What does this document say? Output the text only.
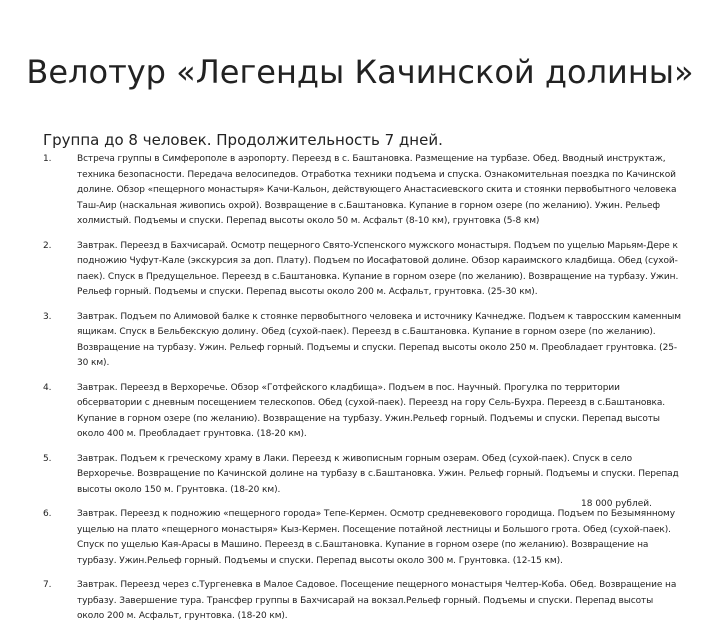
Велотур «Легенды Качинской долины»
Группа до 8 человек. Продолжительность 7 дней.
1.	Встреча группы в Симферополе в аэропорту. Переезд в с. Баштановка. Размещение на турбазе. Обед. Вводный инструктаж, техника безопасности. Передача велосипедов. Отработка техники подъема и спуска. Ознакомительная поездка по Качинской долине. Обзор «пещерного монастыря» Качи-Кальон, действующего Анастасиевского скита и стоянки первобытного человека Таш-Аир (наскальная живопись охрой). Возвращение в с.Баштановка. Купание в горном озере (по желанию). Ужин. Рельеф холмистый. Подъемы и спуски. Перепад высоты около 50 м. Асфальт (8-10 км), грунтовка (5-8 км)
2.	Завтрак. Переезд в Бахчисарай. Осмотр пещерного Свято-Успенского мужского монастыря. Подъем по ущелью Марьям-Дере к подножию Чуфут-Кале (экскурсия за доп. Плату). Подъем по Иосафатовой долине. Обзор караимского кладбища. Обед (сухой-паек). Спуск в Предущельное. Переезд в с.Баштановка. Купание в горном озере (по желанию). Возвращение на турбазу. Ужин. Рельеф горный. Подъемы и спуски. Перепад высоты около 200 м. Асфальт, грунтовка. (25-30 км).
3.	Завтрак. Подъем по Алимовой балке к стоянке первобытного человека и источнику Качнедже. Подъем к тавросским каменным ящикам. Спуск в Бельбекскую долину. Обед (сухой-паек). Переезд в с.Баштановка. Купание в горном озере (по желанию). Возвращение на турбазу. Ужин. Рельеф горный. Подъемы и спуски. Перепад высоты около 250 м. Преобладает грунтовка. (25-30 км).
4.	Завтрак. Переезд в Верхоречье. Обзор «Готфейского кладбища». Подъем в пос. Научный. Прогулка по территории обсерватории с дневным посещением телескопов. Обед (сухой-паек). Переезд на гору Сель-Бухра. Переезд в с.Баштановка. Купание в горном озере (по желанию). Возвращение на турбазу. Ужин.Рельеф горный. Подъемы и спуски. Перепад высоты около 400 м. Преобладает грунтовка. (18-20 км).
5.	Завтрак. Подъем к греческому храму в Лаки. Переезд к живописным горным озерам. Обед (сухой-паек). Спуск в село Верхоречье. Возвращение по Качинской долине на турбазу в с.Баштановка. Ужин. Рельеф горный. Подъемы и спуски. Перепад высоты около 150 м. Грунтовка. (18-20 км).
6.	Завтрак. Переезд к подножию «пещерного города» Тепе-Кермен. Осмотр средневекового городища. Подъем по Безымянному ущелью на плато «пещерного монастыря» Кыз-Кермен. Посещение потайной лестницы и Большого грота. Обед (сухой-паек). Спуск по ущелью Кая-Арасы в Машино. Переезд в с.Баштановка. Купание в горном озере (по желанию). Возвращение на турбазу. Ужин.Рельеф горный. Подъемы и спуски. Перепад высоты около 300 м. Грунтовка. (12-15 км).
7.	Завтрак. Переезд через с.Тургеневка в Малое Садовое. Посещение пещерного монастыря Челтер-Коба. Обед. Возвращение на турбазу. Завершение тура. Трансфер группы в Бахчисарай на вокзал.Рельеф горный. Подъемы и спуски. Перепад высоты около 200 м. Асфальт, грунтовка. (18-20 км).
18 000 рублей.
